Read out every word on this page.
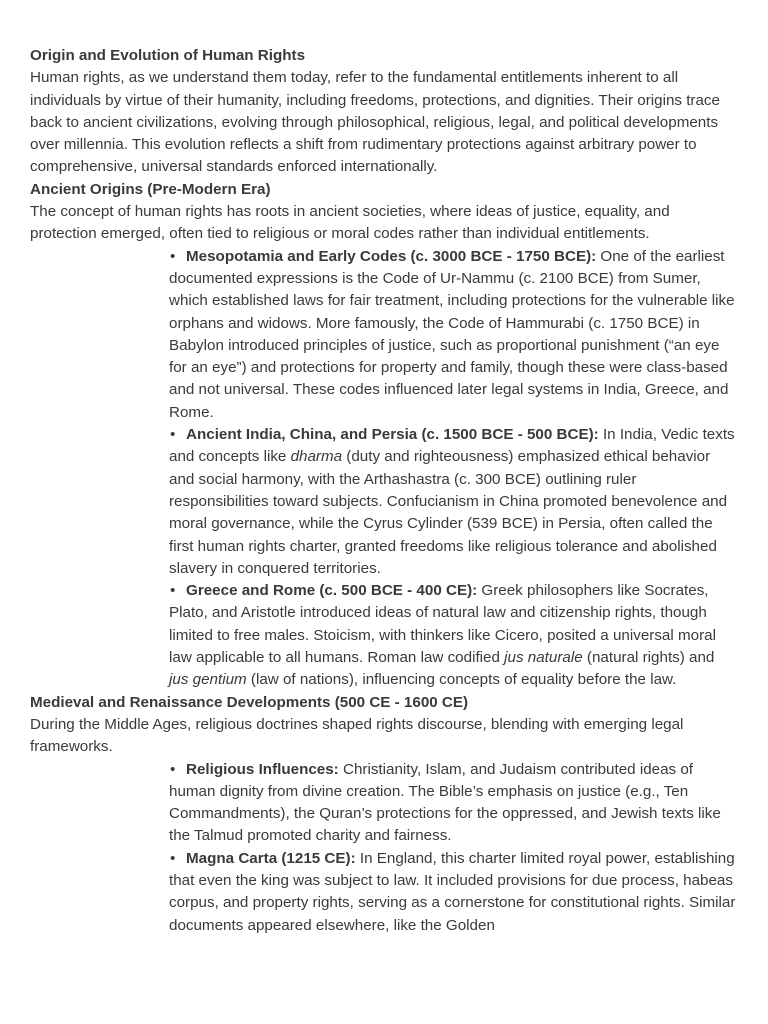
Origin and Evolution of Human Rights

Human rights, as we understand them today, refer to the fundamental entitlements inherent to all individuals by virtue of their humanity, including freedoms, protections, and dignities. Their origins trace back to ancient civilizations, evolving through philosophical, religious, legal, and political developments over millennia. This evolution reflects a shift from rudimentary protections against arbitrary power to comprehensive, universal standards enforced internationally.

Ancient Origins (Pre-Modern Era)

The concept of human rights has roots in ancient societies, where ideas of justice, equality, and protection emerged, often tied to religious or moral codes rather than individual entitlements.

• Mesopotamia and Early Codes (c. 3000 BCE - 1750 BCE): One of the earliest documented expressions is the Code of Ur-Nammu (c. 2100 BCE) from Sumer, which established laws for fair treatment, including protections for the vulnerable like orphans and widows. More famously, the Code of Hammurabi (c. 1750 BCE) in Babylon introduced principles of justice, such as proportional punishment (“an eye for an eye”) and protections for property and family, though these were class-based and not universal. These codes influenced later legal systems in India, Greece, and Rome.
• Ancient India, China, and Persia (c. 1500 BCE - 500 BCE): In India, Vedic texts and concepts like dharma (duty and righteousness) emphasized ethical behavior and social harmony, with the Arthashastra (c. 300 BCE) outlining ruler responsibilities toward subjects. Confucianism in China promoted benevolence and moral governance, while the Cyrus Cylinder (539 BCE) in Persia, often called the first human rights charter, granted freedoms like religious tolerance and abolished slavery in conquered territories.
• Greece and Rome (c. 500 BCE - 400 CE): Greek philosophers like Socrates, Plato, and Aristotle introduced ideas of natural law and citizenship rights, though limited to free males. Stoicism, with thinkers like Cicero, posited a universal moral law applicable to all humans. Roman law codified jus naturale (natural rights) and jus gentium (law of nations), influencing concepts of equality before the law.

Medieval and Renaissance Developments (500 CE - 1600 CE)

During the Middle Ages, religious doctrines shaped rights discourse, blending with emerging legal frameworks.

• Religious Influences: Christianity, Islam, and Judaism contributed ideas of human dignity from divine creation. The Bible’s emphasis on justice (e.g., Ten Commandments), the Quran’s protections for the oppressed, and Jewish texts like the Talmud promoted charity and fairness.
• Magna Carta (1215 CE): In England, this charter limited royal power, establishing that even the king was subject to law. It included provisions for due process, habeas corpus, and property rights, serving as a cornerstone for constitutional rights. Similar documents appeared elsewhere, like the Golden
